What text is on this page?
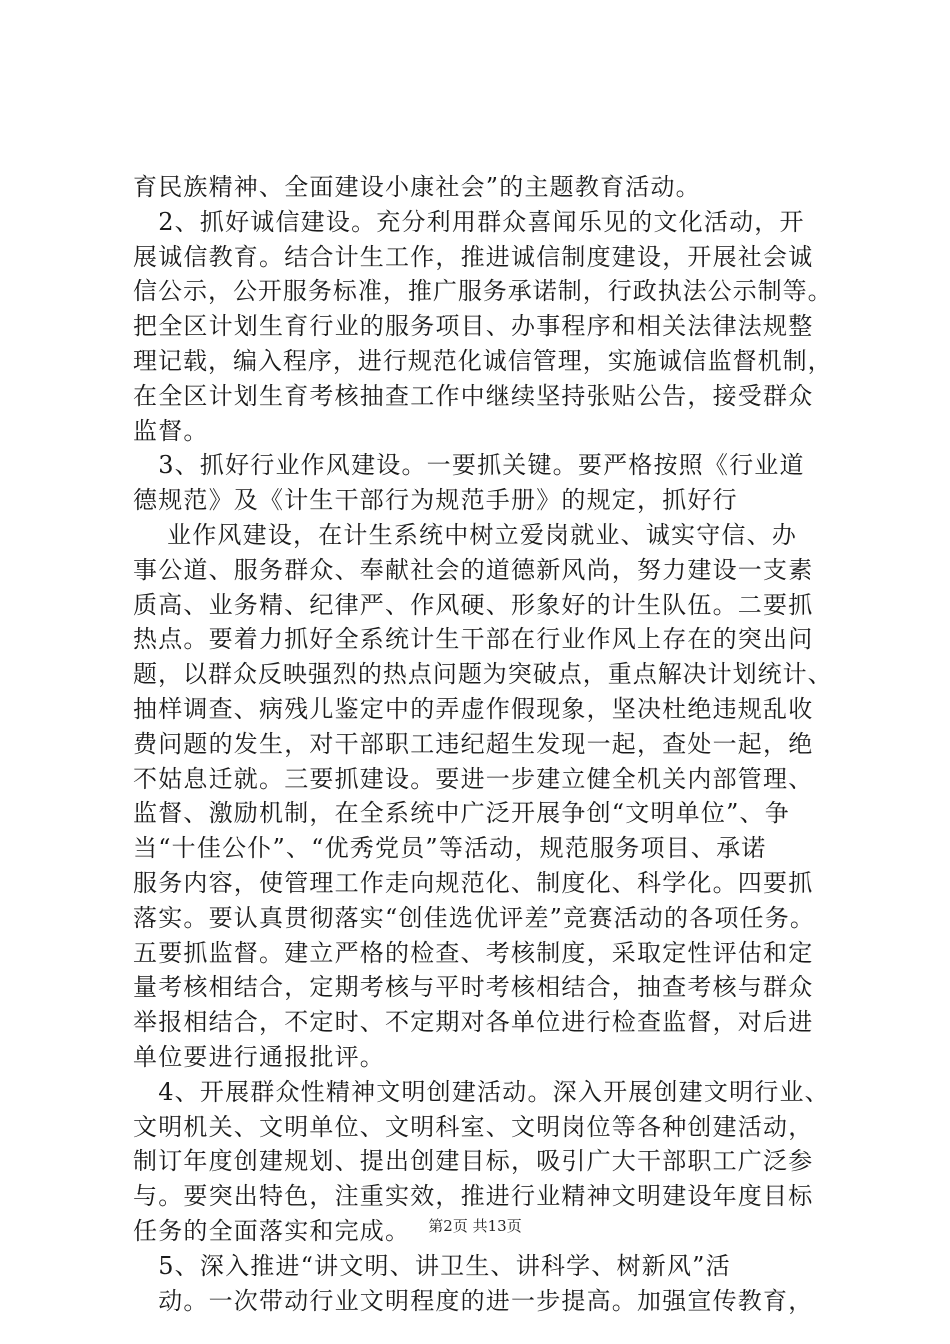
育民族精神、全面建设小康社会”的主题教育活动。
　2、抓好诚信建设。充分利用群众喜闻乐见的文化活动，开
展诚信教育。结合计生工作，推进诚信制度建设，开展社会诚
信公示，公开服务标准，推广服务承诺制，行政执法公示制等。
把全区计划生育行业的服务项目、办事程序和相关法律法规整
理记载，编入程序，进行规范化诚信管理，实施诚信监督机制，
在全区计划生育考核抽查工作中继续坚持张贴公告，接受群众
监督。
　3、抓好行业作风建设。一要抓关键。要严格按照《行业道
德规范》及《计生干部行为规范手册》的规定，抓好行
　 业作风建设，在计生系统中树立爱岗就业、诚实守信、办
事公道、服务群众、奉献社会的道德新风尚，努力建设一支素
质高、业务精、纪律严、作风硬、形象好的计生队伍。二要抓
热点。要着力抓好全系统计生干部在行业作风上存在的突出问
题，以群众反映强烈的热点问题为突破点，重点解决计划统计、
抽样调查、病残儿鉴定中的弄虚作假现象，坚决杜绝违规乱收
费问题的发生，对干部职工违纪超生发现一起，查处一起，绝
不姑息迁就。三要抓建设。要进一步建立健全机关内部管理、
监督、激励机制，在全系统中广泛开展争创“文明单位”、争
当“十佳公仆”、“优秀党员”等活动，规范服务项目、承诺
服务内容，使管理工作走向规范化、制度化、科学化。四要抓
落实。要认真贯彻落实“创佳选优评差”竞赛活动的各项任务。
五要抓监督。建立严格的检查、考核制度，采取定性评估和定
量考核相结合，定期考核与平时考核相结合，抽查考核与群众
举报相结合，不定时、不定期对各单位进行检查监督，对后进
单位要进行通报批评。
　4、开展群众性精神文明创建活动。深入开展创建文明行业、
文明机关、文明单位、文明科室、文明岗位等各种创建活动，
制订年度创建规划、提出创建目标，吸引广大干部职工广泛参
与。要突出特色，注重实效，推进行业精神文明建设年度目标
任务的全面落实和完成。
　5、深入推进“讲文明、讲卫生、讲科学、树新风”活
　动。一次带动行业文明程度的进一步提高。加强宣传教育，
第2页 共13页
